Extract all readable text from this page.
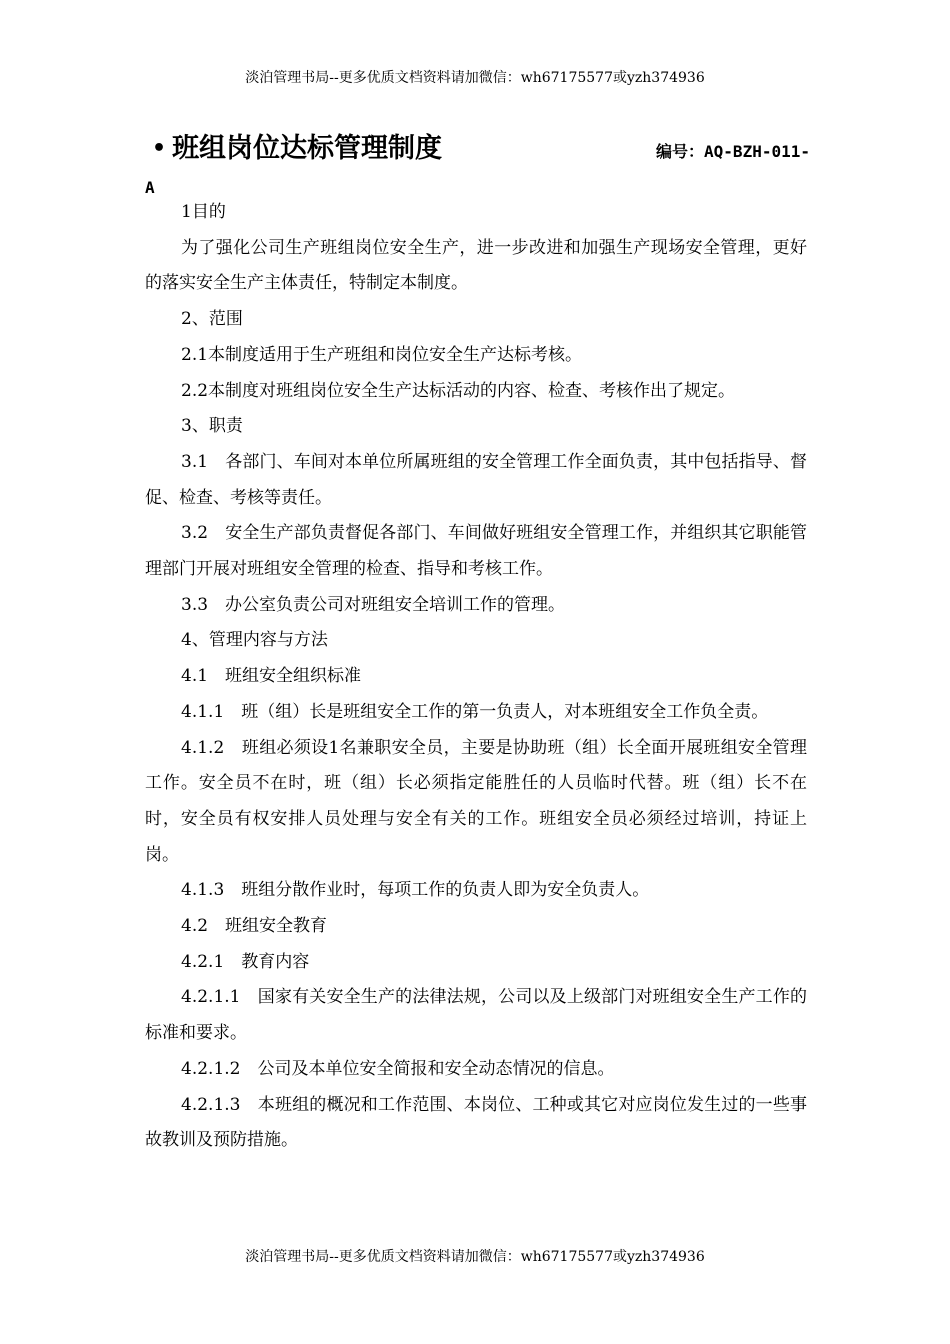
淡泊管理书局--更多优质文档资料请加微信：wh67175577或yzh374936
• 班组岗位达标管理制度	编号：AQ-BZH-011-
A

1目的

为了强化公司生产班组岗位安全生产，进一步改进和加强生产现场安全管理，更好的落实安全生产主体责任，特制定本制度。

2、范围

2.1本制度适用于生产班组和岗位安全生产达标考核。

2.2本制度对班组岗位安全生产达标活动的内容、检查、考核作出了规定。

3、职责

3.1　各部门、车间对本单位所属班组的安全管理工作全面负责，其中包括指导、督促、检查、考核等责任。

3.2　安全生产部负责督促各部门、车间做好班组安全管理工作，并组织其它职能管理部门开展对班组安全管理的检查、指导和考核工作。

3.3　办公室负责公司对班组安全培训工作的管理。

4、管理内容与方法

4.1　班组安全组织标准

4.1.1　班（组）长是班组安全工作的第一负责人，对本班组安全工作负全责。

4.1.2　班组必须设1名兼职安全员，主要是协助班（组）长全面开展班组安全管理工作。安全员不在时，班（组）长必须指定能胜任的人员临时代替。班（组）长不在时，安全员有权安排人员处理与安全有关的工作。班组安全员必须经过培训，持证上岗。

4.1.3　班组分散作业时，每项工作的负责人即为安全负责人。

4.2　班组安全教育

4.2.1　教育内容

4.2.1.1　国家有关安全生产的法律法规，公司以及上级部门对班组安全生产工作的标准和要求。

4.2.1.2　公司及本单位安全简报和安全动态情况的信息。

4.2.1.3　本班组的概况和工作范围、本岗位、工种或其它对应岗位发生过的一些事故教训及预防措施。

淡泊管理书局--更多优质文档资料请加微信：wh67175577或yzh374936
